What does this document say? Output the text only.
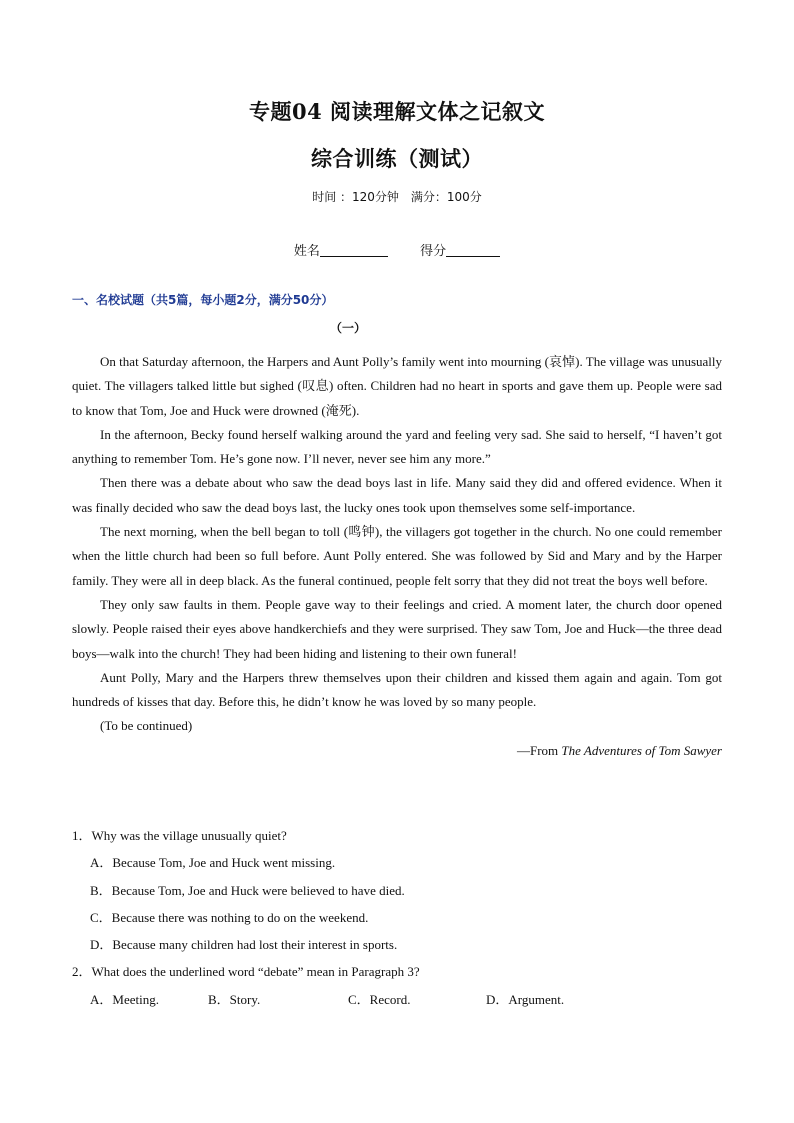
专题04 阅读理解文体之记叙文
综合训练（测试）
时间 ：120分钟　满分：100分
姓名	得分
一、名校试题（共5篇，每小题2分，满分50分）
（一）

On that Saturday afternoon, the Harpers and Aunt Polly’s family went into mourning (哀悼). The village was unusually quiet. The villagers talked little but sighed (叹息) often. Children had no heart in sports and gave them up. People were sad to know that Tom, Joe and Huck were drowned (淹死).

In the afternoon, Becky found herself walking around the yard and feeling very sad. She said to herself, “I haven’t got anything to remember Tom. He’s gone now. I’ll never, never see him any more.”

Then there was a debate about who saw the dead boys last in life. Many said they did and offered evidence. When it was finally decided who saw the dead boys last, the lucky ones took upon themselves some self-importance.

The next morning, when the bell began to toll (鸣钟), the villagers got together in the church. No one could remember when the little church had been so full before. Aunt Polly entered. She was followed by Sid and Mary and by the Harper family. They were all in deep black. As the funeral continued, people felt sorry that they did not treat the boys well before.

They only saw faults in them. People gave way to their feelings and cried. A moment later, the church door opened slowly. People raised their eyes above handkerchiefs and they were surprised. They saw Tom, Joe and Huck—the three dead boys—walk into the church! They had been hiding and listening to their own funeral!

Aunt Polly, Mary and the Harpers threw themselves upon their children and kissed them again and again. Tom got hundreds of kisses that day. Before this, he didn’t know he was loved by so many people.

(To be continued)

—From The Adventures of Tom Sawyer

1．Why was the village unusually quiet?
A．Because Tom, Joe and Huck went missing.
B．Because Tom, Joe and Huck were believed to have died.
C．Because there was nothing to do on the weekend.
D．Because many children had lost their interest in sports.
2．What does the underlined word “debate” mean in Paragraph 3?
A．Meeting.	B．Story.	C．Record.	D．Argument.
